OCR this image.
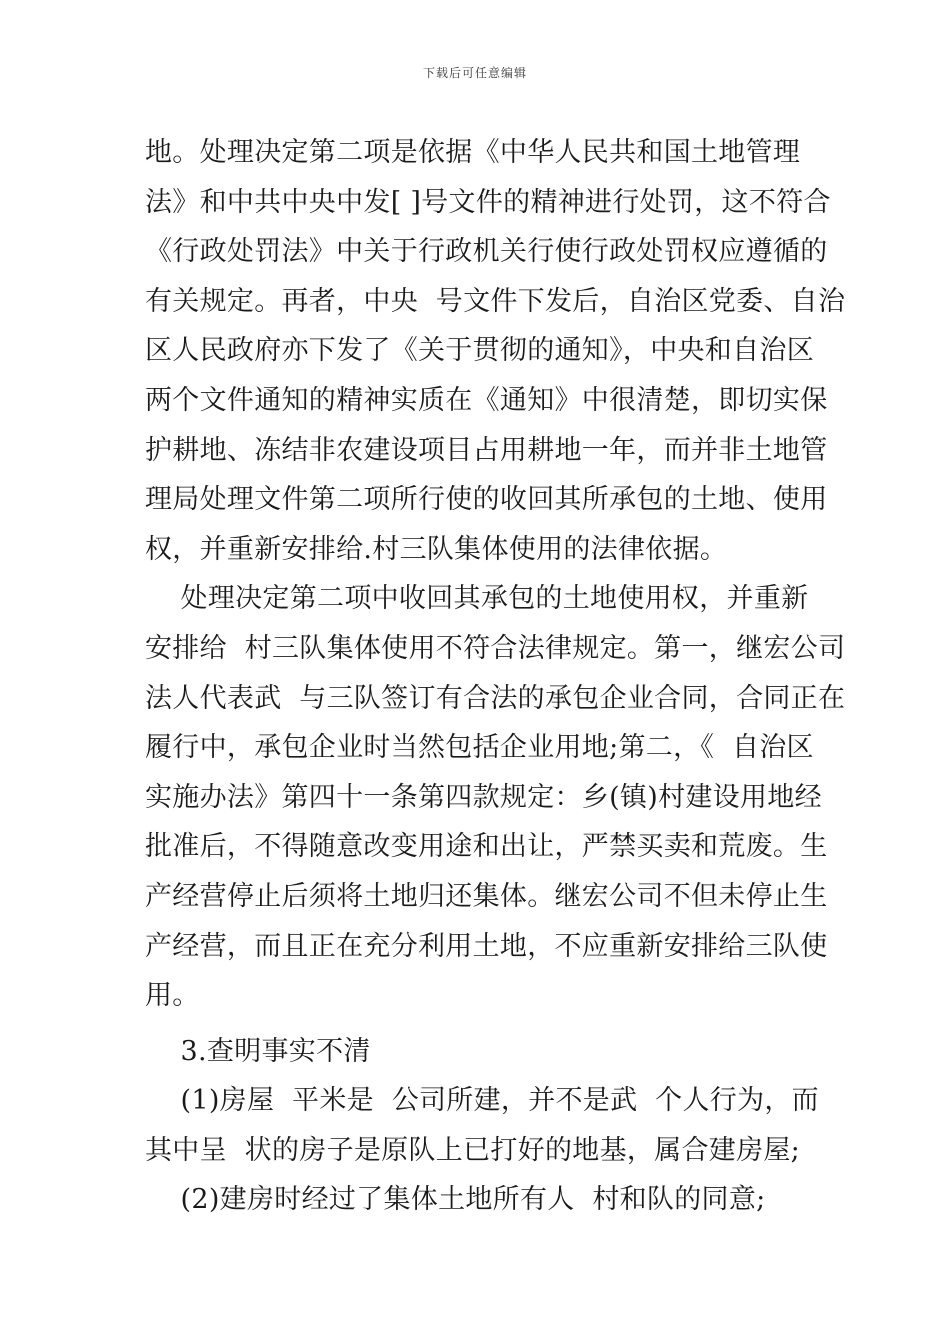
下载后可任意编辑
地。处理决定第二项是依据《中华人民共和国土地管理
法》和中共中央中发[ ]号文件的精神进行处罚，这不符合
《行政处罚法》中关于行政机关行使行政处罚权应遵循的
有关规定。再者，中央  号文件下发后，自治区党委、自治
区人民政府亦下发了《关于贯彻的通知》，中央和自治区
两个文件通知的精神实质在《通知》中很清楚，即切实保
护耕地、冻结非农建设项目占用耕地一年，而并非土地管
理局处理文件第二项所行使的收回其所承包的土地、使用
权，并重新安排给.村三队集体使用的法律依据。
处理决定第二项中收回其承包的土地使用权，并重新
安排给  村三队集体使用不符合法律规定。第一，继宏公司
法人代表武  与三队签订有合法的承包企业合同，合同正在
履行中，承包企业时当然包括企业用地;第二，《  自治区
实施办法》第四十一条第四款规定：乡(镇)村建设用地经
批准后，不得随意改变用途和出让，严禁买卖和荒废。生
产经营停止后须将土地归还集体。继宏公司不但未停止生
产经营，而且正在充分利用土地，不应重新安排给三队使
用。
3.查明事实不清
(1)房屋  平米是  公司所建，并不是武  个人行为，而
其中呈  状的房子是原队上已打好的地基，属合建房屋;
(2)建房时经过了集体土地所有人  村和队的同意;
